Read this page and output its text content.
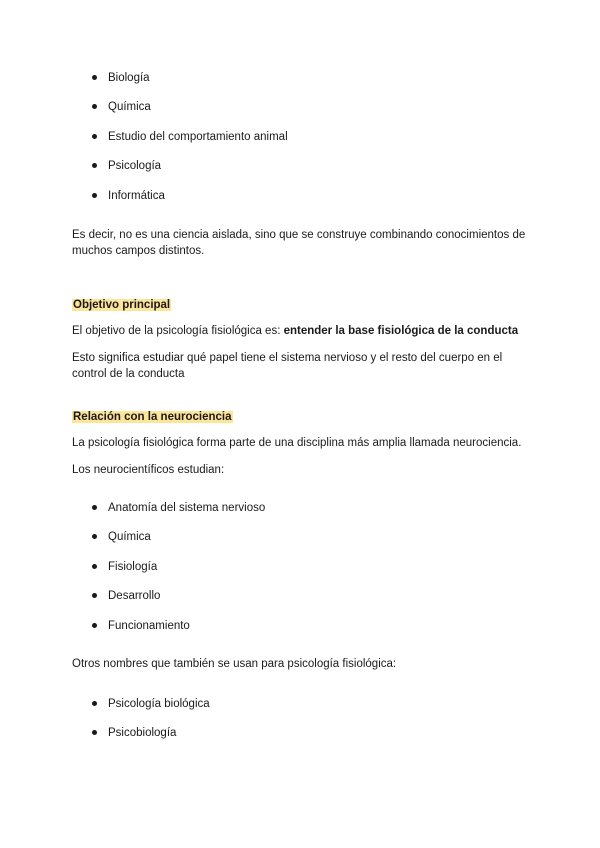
Biología
Química
Estudio del comportamiento animal
Psicología
Informática
Es decir, no es una ciencia aislada, sino que se construye combinando conocimientos de muchos campos distintos.
Objetivo principal
El objetivo de la psicología fisiológica es: entender la base fisiológica de la conducta
Esto significa estudiar qué papel tiene el sistema nervioso y el resto del cuerpo en el control de la conducta
Relación con la neurociencia
La psicología fisiológica forma parte de una disciplina más amplia llamada neurociencia.
Los neurocientíficos estudian:
Anatomía del sistema nervioso
Química
Fisiología
Desarrollo
Funcionamiento
Otros nombres que también se usan para psicología fisiológica:
Psicología biológica
Psicobiología
